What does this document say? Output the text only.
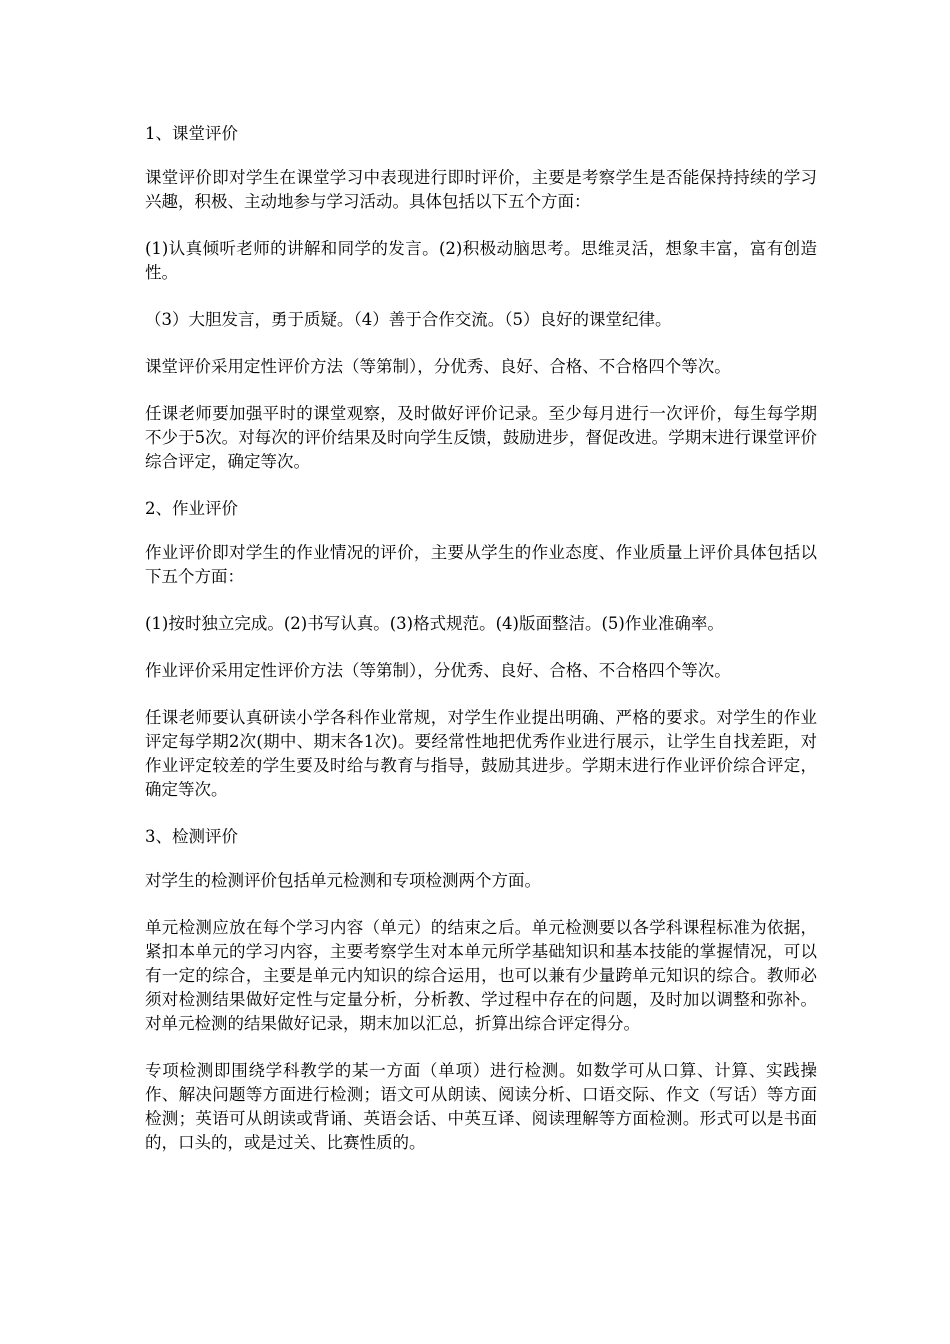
1、课堂评价

课堂评价即对学生在课堂学习中表现进行即时评价，主要是考察学生是否能保持持续的学习兴趣，积极、主动地参与学习活动。具体包括以下五个方面：

(1)认真倾听老师的讲解和同学的发言。(2)积极动脑思考。思维灵活，想象丰富，富有创造性。

（3）大胆发言，勇于质疑。（4）善于合作交流。（5）良好的课堂纪律。

课堂评价采用定性评价方法（等第制），分优秀、良好、合格、不合格四个等次。

任课老师要加强平时的课堂观察，及时做好评价记录。至少每月进行一次评价，每生每学期不少于5次。对每次的评价结果及时向学生反馈，鼓励进步，督促改进。学期末进行课堂评价综合评定，确定等次。

2、作业评价

作业评价即对学生的作业情况的评价，主要从学生的作业态度、作业质量上评价具体包括以下五个方面：

(1)按时独立完成。(2)书写认真。(3)格式规范。(4)版面整洁。(5)作业准确率。

作业评价采用定性评价方法（等第制），分优秀、良好、合格、不合格四个等次。

任课老师要认真研读小学各科作业常规，对学生作业提出明确、严格的要求。对学生的作业评定每学期2次(期中、期末各1次)。要经常性地把优秀作业进行展示，让学生自找差距，对作业评定较差的学生要及时给与教育与指导，鼓励其进步。学期末进行作业评价综合评定，确定等次。

3、检测评价

对学生的检测评价包括单元检测和专项检测两个方面。

单元检测应放在每个学习内容（单元）的结束之后。单元检测要以各学科课程标准为依据，紧扣本单元的学习内容，主要考察学生对本单元所学基础知识和基本技能的掌握情况，可以有一定的综合，主要是单元内知识的综合运用，也可以兼有少量跨单元知识的综合。教师必须对检测结果做好定性与定量分析，分析教、学过程中存在的问题，及时加以调整和弥补。对单元检测的结果做好记录，期末加以汇总，折算出综合评定得分。

专项检测即围绕学科教学的某一方面（单项）进行检测。如数学可从口算、计算、实践操作、解决问题等方面进行检测；语文可从朗读、阅读分析、口语交际、作文（写话）等方面检测；英语可从朗读或背诵、英语会话、中英互译、阅读理解等方面检测。形式可以是书面的，口头的，或是过关、比赛性质的。
